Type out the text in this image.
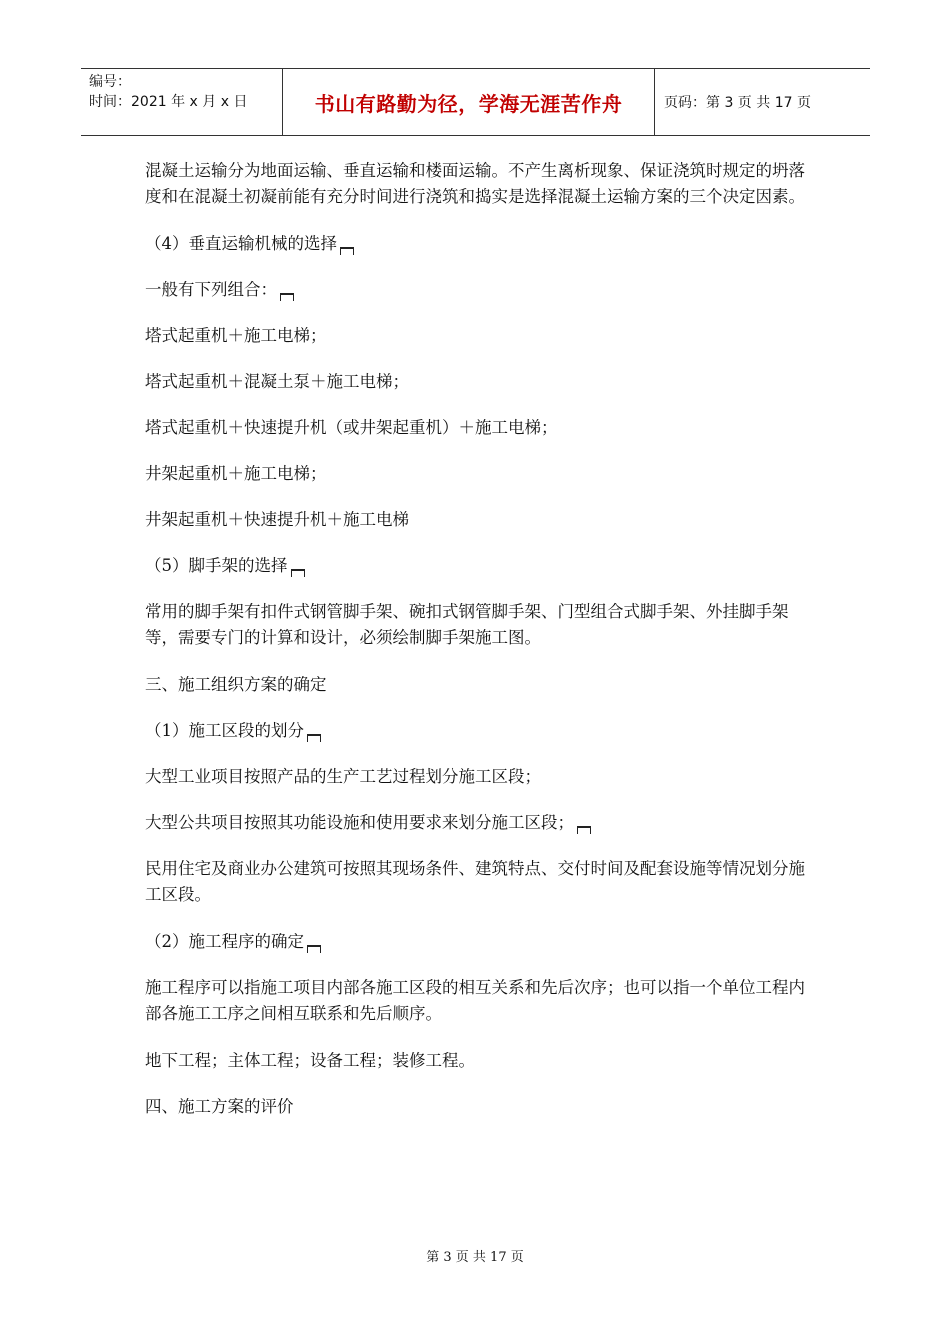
编号：
时间：2021 年 x 月 x 日	书山有路勤为径，学海无涯苦作舟	页码：第 3 页 共 17 页

混凝土运输分为地面运输、垂直运输和楼面运输。不产生离析现象、保证浇筑时规定的坍落度和在混凝土初凝前能有充分时间进行浇筑和捣实是选择混凝土运输方案的三个决定因素。

（4）垂直运输机械的选择

一般有下列组合：

塔式起重机＋施工电梯；

塔式起重机＋混凝土泵＋施工电梯；

塔式起重机＋快速提升机（或井架起重机）＋施工电梯；

井架起重机＋施工电梯；

井架起重机＋快速提升机＋施工电梯

（5）脚手架的选择

常用的脚手架有扣件式钢管脚手架、碗扣式钢管脚手架、门型组合式脚手架、外挂脚手架等，需要专门的计算和设计，必须绘制脚手架施工图。

三、施工组织方案的确定

（1）施工区段的划分

大型工业项目按照产品的生产工艺过程划分施工区段；

大型公共项目按照其功能设施和使用要求来划分施工区段；

民用住宅及商业办公建筑可按照其现场条件、建筑特点、交付时间及配套设施等情况划分施工区段。

（2）施工程序的确定

施工程序可以指施工项目内部各施工区段的相互关系和先后次序；也可以指一个单位工程内部各施工工序之间相互联系和先后顺序。

地下工程；主体工程；设备工程；装修工程。

四、施工方案的评价

第 3 页 共 17 页
